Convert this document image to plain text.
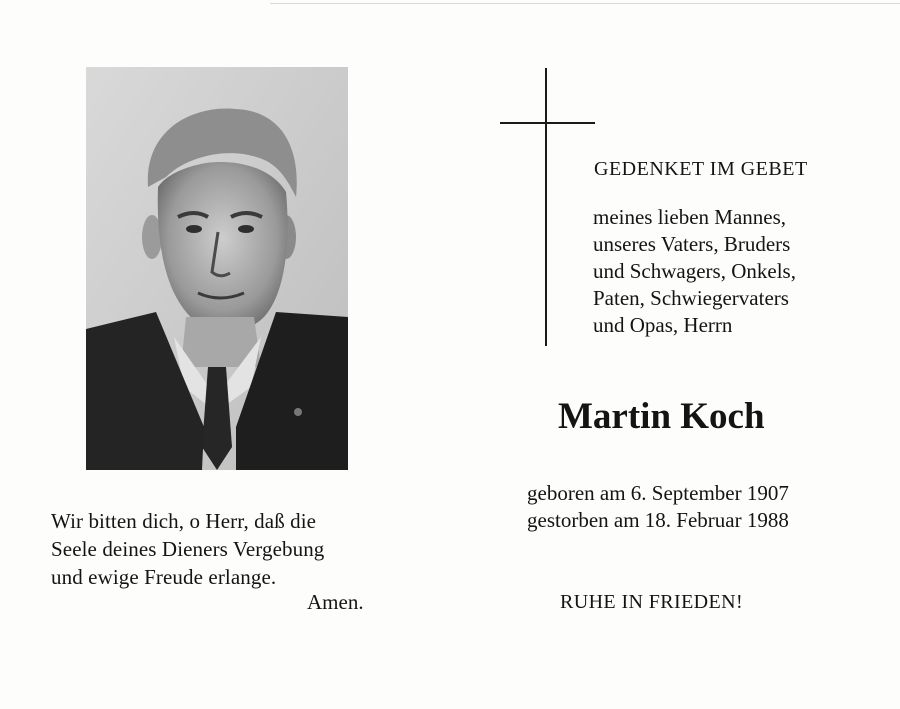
Wir bitten dich, o Herr, daß die
Seele deines Dieners Vergebung
und ewige Freude erlange.
Amen.
GEDENKET IM GEBET
meines lieben Mannes,
unseres Vaters, Bruders
und Schwagers, Onkels,
Paten, Schwiegervaters
und Opas, Herrn
Martin Koch
geboren am 6. September 1907
gestorben am 18. Februar 1988
RUHE IN FRIEDEN!
